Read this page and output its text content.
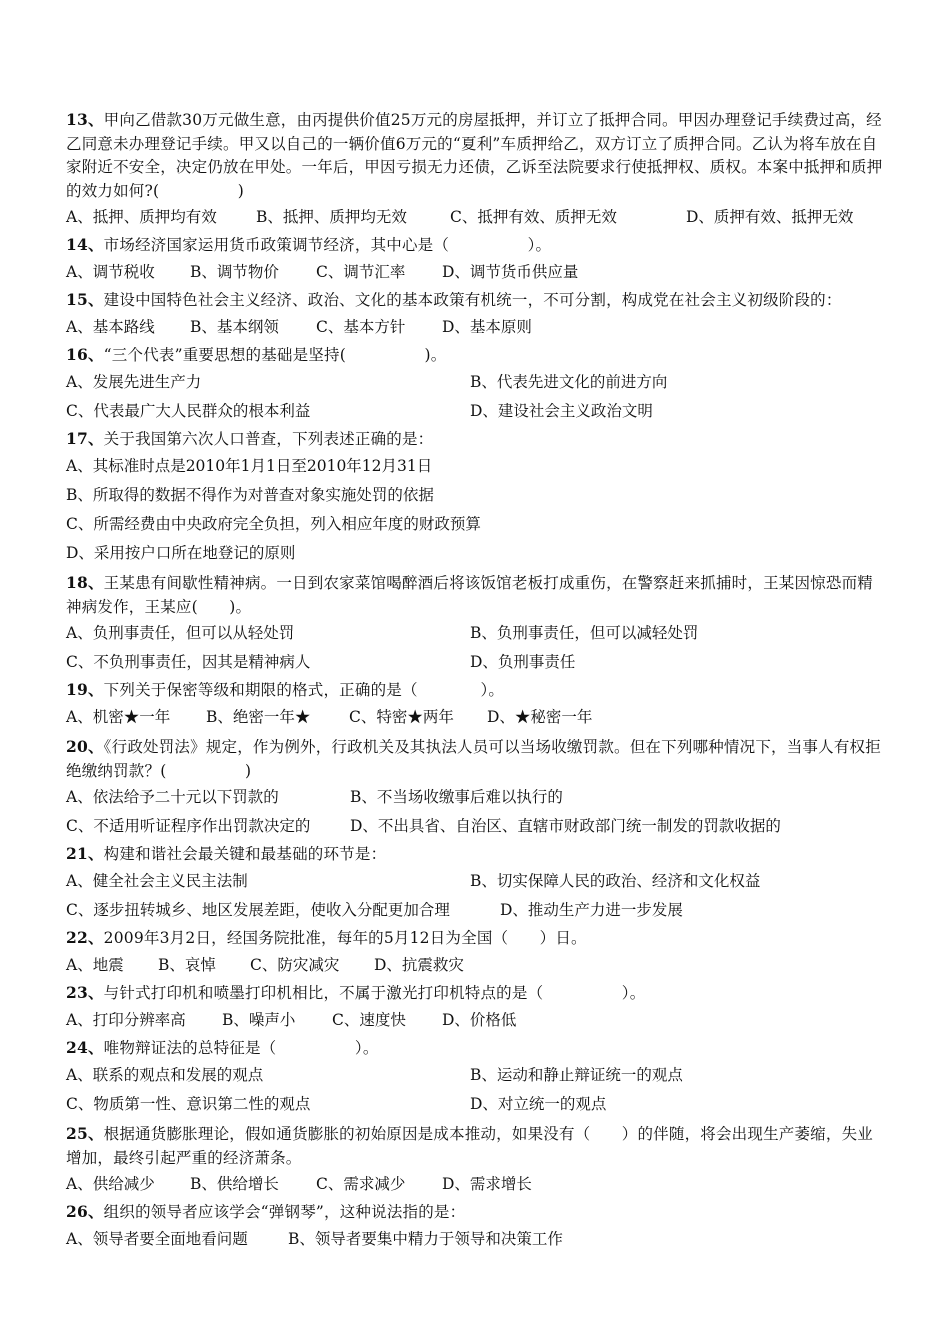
13、甲向乙借款30万元做生意，由丙提供价值25万元的房屋抵押，并订立了抵押合同。甲因办理登记手续费过高，经乙同意未办理登记手续。甲又以自己的一辆价值6万元的“夏利”车质押给乙，双方订立了质押合同。乙认为将车放在自家附近不安全，决定仍放在甲处。一年后，甲因亏损无力还债，乙诉至法院要求行使抵押权、质权。本案中抵押和质押的效力如何?(　　　　　)
A、抵押、质押均有效	B、抵押、质押均无效	C、抵押有效、质押无效	D、质押有效、抵押无效
14、市场经济国家运用货币政策调节经济，其中心是（　　　　　）。
A、调节税收 B、调节物价 C、调节汇率 D、调节货币供应量
15、建设中国特色社会主义经济、政治、文化的基本政策有机统一，不可分割，构成党在社会主义初级阶段的：
A、基本路线 B、基本纲领 C、基本方针 D、基本原则
16、“三个代表”重要思想的基础是坚持(　　　　　)。
A、发展先进生产力	B、代表先进文化的前进方向
C、代表最广大人民群众的根本利益	D、建设社会主义政治文明
17、关于我国第六次人口普查，下列表述正确的是：
A、其标准时点是2010年1月1日至2010年12月31日
B、所取得的数据不得作为对普查对象实施处罚的依据
C、所需经费由中央政府完全负担，列入相应年度的财政预算
D、采用按户口所在地登记的原则
18、王某患有间歇性精神病。一日到农家菜馆喝醉酒后将该饭馆老板打成重伤，在警察赶来抓捕时，王某因惊恐而精神病发作，王某应(　　)。
A、负刑事责任，但可以从轻处罚	B、负刑事责任，但可以减轻处罚
C、不负刑事责任，因其是精神病人	D、负刑事责任
19、下列关于保密等级和期限的格式，正确的是（　　　　）。
A、机密★一年 B、绝密一年★ C、特密★两年 D、★秘密一年
20、《行政处罚法》规定，作为例外，行政机关及其执法人员可以当场收缴罚款。但在下列哪种情况下，当事人有权拒绝缴纳罚款？(　　　　　)
A、依法给予二十元以下罚款的	B、不当场收缴事后难以执行的
C、不适用听证程序作出罚款决定的	D、不出具省、自治区、直辖市财政部门统一制发的罚款收据的
21、构建和谐社会最关键和最基础的环节是：
A、健全社会主义民主法制	B、切实保障人民的政治、经济和文化权益
C、逐步扭转城乡、地区发展差距，使收入分配更加合理	D、推动生产力进一步发展
22、2009年3月2日，经国务院批准，每年的5月12日为全国（　　）日。
A、地震 B、哀悼 C、防灾减灾 D、抗震救灾
23、与针式打印机和喷墨打印机相比，不属于激光打印机特点的是（　　　　　）。
A、打印分辨率高 B、噪声小 C、速度快 D、价格低
24、唯物辩证法的总特征是（　　　　　）。
A、联系的观点和发展的观点	B、运动和静止辩证统一的观点
C、物质第一性、意识第二性的观点	D、对立统一的观点
25、根据通货膨胀理论，假如通货膨胀的初始原因是成本推动，如果没有（　　）的伴随，将会出现生产萎缩，失业增加，最终引起严重的经济萧条。
A、供给减少 B、供给增长 C、需求减少 D、需求增长
26、组织的领导者应该学会“弹钢琴”，这种说法指的是：
A、领导者要全面地看问题	B、领导者要集中精力于领导和决策工作
